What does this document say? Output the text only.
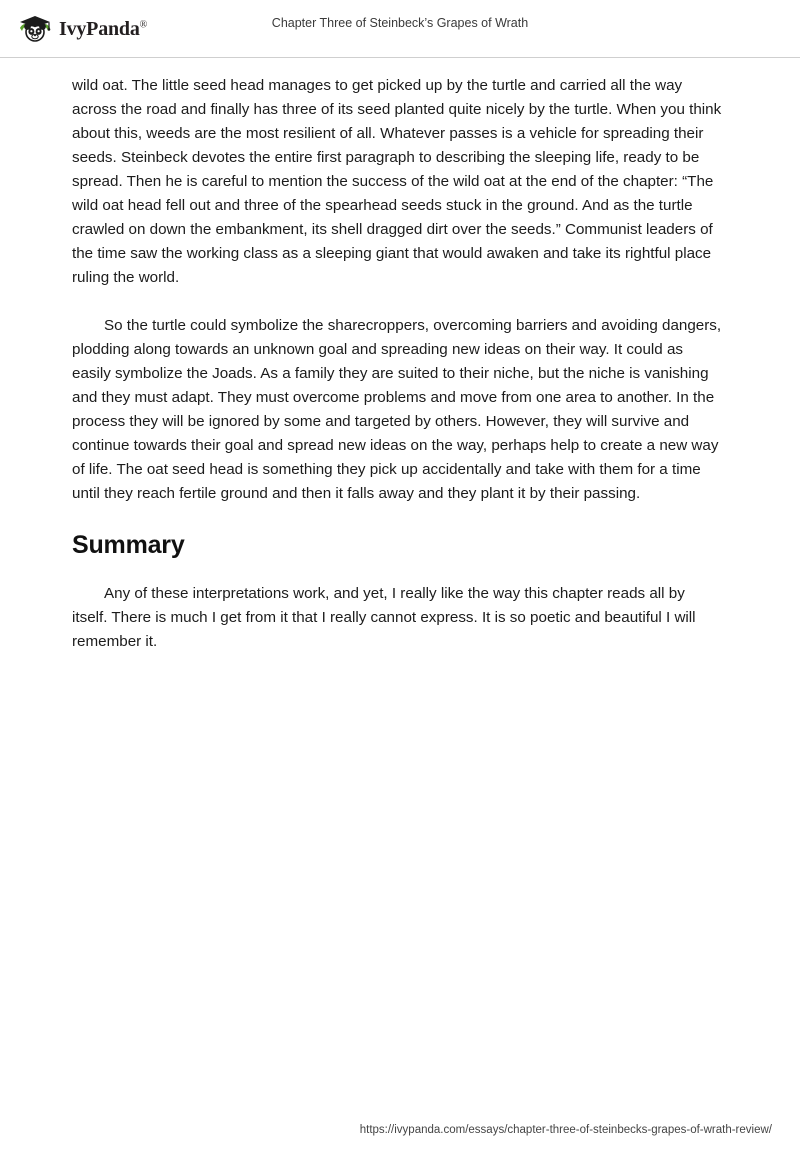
IvyPanda®	Chapter Three of Steinbeck’s Grapes of Wrath

wild oat. The little seed head manages to get picked up by the turtle and carried all the way across the road and finally has three of its seed planted quite nicely by the turtle. When you think about this, weeds are the most resilient of all. Whatever passes is a vehicle for spreading their seeds. Steinbeck devotes the entire first paragraph to describing the sleeping life, ready to be spread. Then he is careful to mention the success of the wild oat at the end of the chapter: “The wild oat head fell out and three of the spearhead seeds stuck in the ground. And as the turtle crawled on down the embankment, its shell dragged dirt over the seeds.” Communist leaders of the time saw the working class as a sleeping giant that would awaken and take its rightful place ruling the world.

So the turtle could symbolize the sharecroppers, overcoming barriers and avoiding dangers, plodding along towards an unknown goal and spreading new ideas on their way. It could as easily symbolize the Joads. As a family they are suited to their niche, but the niche is vanishing and they must adapt. They must overcome problems and move from one area to another. In the process they will be ignored by some and targeted by others. However, they will survive and continue towards their goal and spread new ideas on the way, perhaps help to create a new way of life. The oat seed head is something they pick up accidentally and take with them for a time until they reach fertile ground and then it falls away and they plant it by their passing.

Summary

Any of these interpretations work, and yet, I really like the way this chapter reads all by itself. There is much I get from it that I really cannot express. It is so poetic and beautiful I will remember it.

https://ivypanda.com/essays/chapter-three-of-steinbecks-grapes-of-wrath-review/
